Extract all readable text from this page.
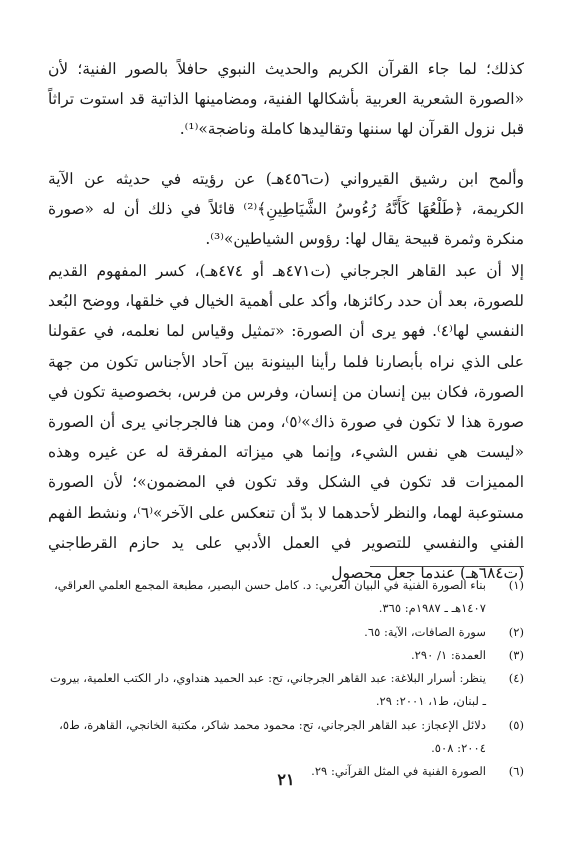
كذلك؛ لما جاء القرآن الكريم والحديث النبوي حافلاً بالصور الفنية؛ لأن «الصورة الشعرية العربية بأشكالها الفنية، ومضامينها الذاتية قد استوت تراثاً قبل نزول القرآن لها سننها وتقاليدها كاملة وناضجة»⁽¹⁾.

وألمح ابن رشيق القيرواني (ت٤٥٦هـ) عن رؤيته في حديثه عن الآية الكريمة، ﴿طَلْعُهَا كَأَنَّهُ رُءُوسُ الشَّيَاطِينِ﴾⁽²⁾ قائلاً في ذلك أن له «صورة منكرة وثمرة قبيحة يقال لها: رؤوس الشياطين»⁽³⁾.

إلا أن عبد القاهر الجرجاني (ت٤٧١هـ أو ٤٧٤هـ)، كسر المفهوم القديم للصورة، بعد أن حدد ركائزها، وأكد على أهمية الخيال في خلقها، ووضح البُعد النفسي لها⁽٤⁾. فهو يرى أن الصورة: «تمثيل وقياس لما نعلمه، في عقولنا على الذي نراه بأبصارنا فلما رأينا البينونة بين آحاد الأجناس تكون من جهة الصورة، فكان بين إنسان من إنسان، وفرس من فرس، بخصوصية تكون في صورة هذا لا تكون في صورة ذاك»⁽٥⁾، ومن هنا فالجرجاني يرى أن الصورة «ليست هي نفس الشيء، وإنما هي ميزاته المفرقة له عن غيره وهذه المميزات قد تكون في الشكل وقد تكون في المضمون»؛ لأن الصورة مستوعبة لهما، والنظر لأحدهما لا بدّ أن تنعكس على الآخر»⁽٦⁾، ونشط الفهم الفني والنفسي للتصوير في العمل الأدبي على يد حازم القرطاجني (ت٦٨٤هـ) عندما جعل محصول

(١)
بناء الصورة الفنية في البيان العربي: د. كامل حسن البصير، مطبعة المجمع العلمي العراقي، ١٤٠٧هـ ـ ١٩٨٧م: ٣٦٥.
(٢)
سورة الصافات، الآية: ٦٥.
(٣)
العمدة: ١/ ٢٩٠.
(٤)
ينظر: أسرار البلاغة: عبد القاهر الجرجاني، تح: عبد الحميد هنداوي، دار الكتب العلمية، بيروت ـ لبنان، ط١، ٢٠٠١: ٢٩.
(٥)
دلائل الإعجاز: عبد القاهر الجرجاني، تح: محمود محمد شاكر، مكتبة الخانجي، القاهرة، ط٥، ٢٠٠٤: ٥٠٨.
(٦)
الصورة الفنية في المثل القرآني: ٢٩.
٢١
